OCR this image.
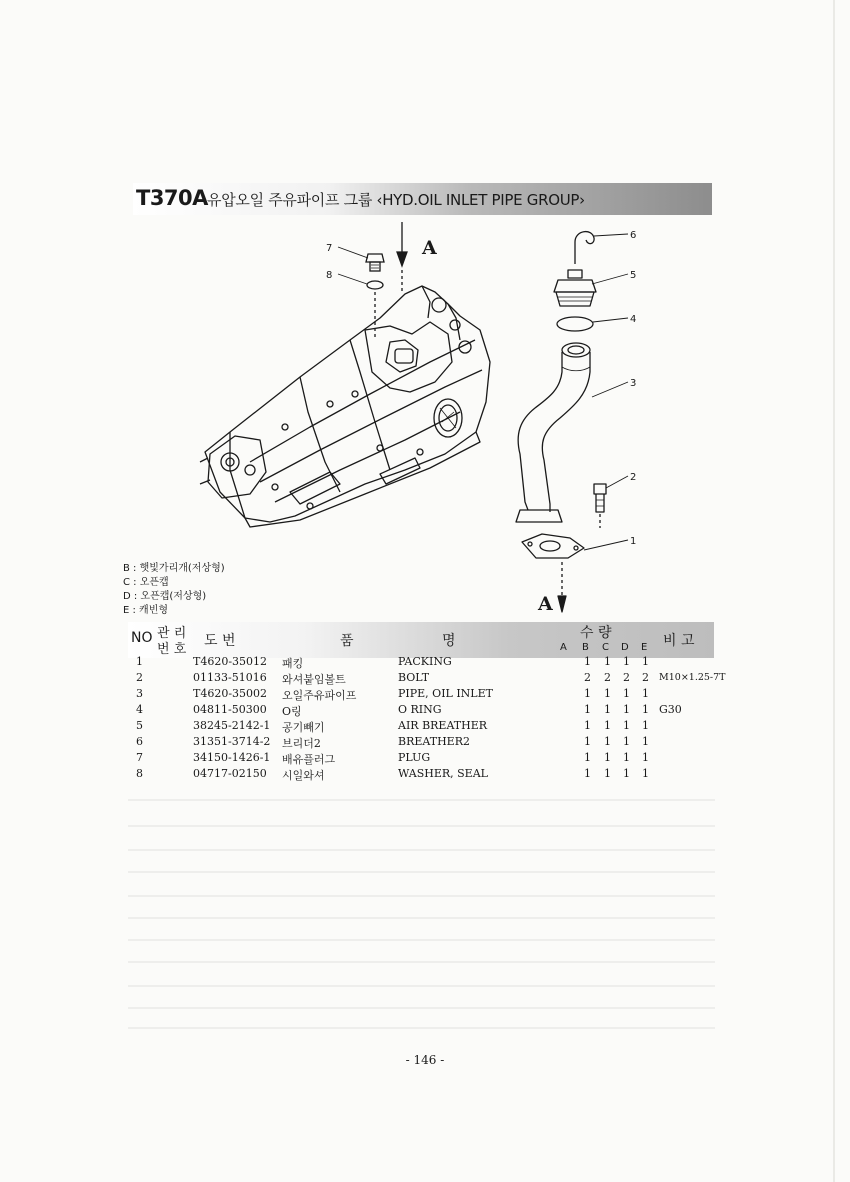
T370A 유압오일 주유파이프 그룹 ‹HYD.OIL INLET PIPE GROUP›
7
8
6
5
4
3
2
1
A
A
B : 햇빛가리개(저상형)
C : 오픈캡
D : 오픈캡(저상형)
E : 캐빈형
NO 관 리
번 호
도 번	품	명	수 량
A B C D E 비 고
1	T4620-35012 패킹	PACKING	1 1 1 1
2	01133-51016 와셔붙임볼트	BOLT	2 2 2 2 M10×1.25-7T
3	T4620-35002 오일주유파이프	PIPE, OIL INLET	1 1 1 1
4	04811-50300 O링	O RING	1 1 1 1 G30
5	38245-2142-1 공기빼기	AIR BREATHER	1 1 1 1
6	31351-3714-2 브리더2	BREATHER2	1 1 1 1
7	34150-1426-1 배유플러그	PLUG	1 1 1 1
8	04717-02150 시일와셔	WASHER, SEAL	1 1 1 1
- 146 -
